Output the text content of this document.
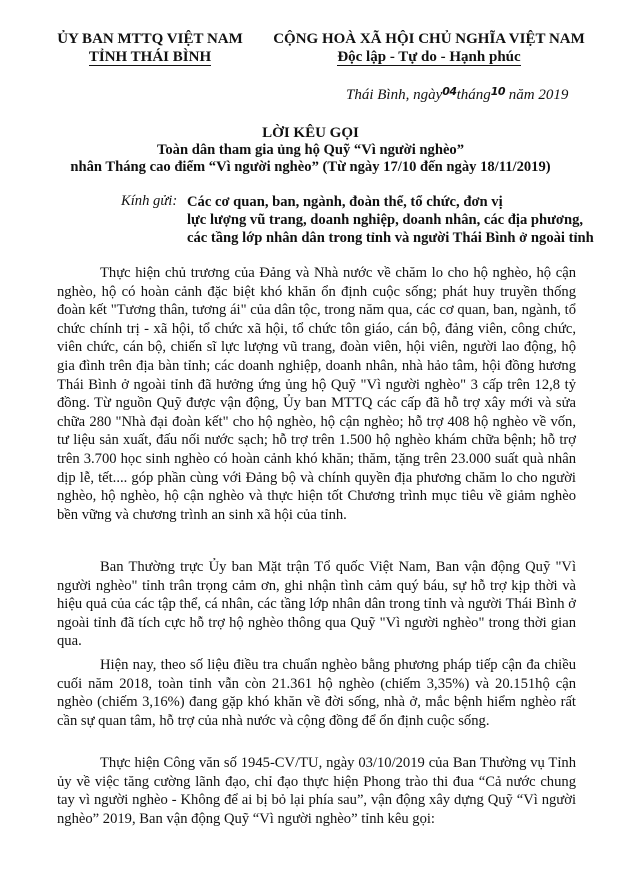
ỦY BAN MTTQ VIỆT NAM
TỈNH THÁI BÌNH
CỘNG HOÀ XÃ HỘI CHỦ NGHĨA VIỆT NAM
Độc lập - Tự do - Hạnh phúc
Thái Bình, ngày$^{04}$tháng$^{10}$ năm 2019
LỜI KÊU GỌI
Toàn dân tham gia ủng hộ Quỹ “Vì người nghèo”
nhân Tháng cao điểm “Vì người nghèo” (Từ ngày 17/10 đến ngày 18/11/2019)
Kính gửi: Các cơ quan, ban, ngành, đoàn thể, tổ chức, đơn vị
lực lượng vũ trang, doanh nghiệp, doanh nhân, các địa phương,
các tầng lớp nhân dân trong tỉnh và người Thái Bình ở ngoài tỉnh

Thực hiện chủ trương của Đảng và Nhà nước về chăm lo cho hộ nghèo, hộ cận nghèo, hộ có hoàn cảnh đặc biệt khó khăn ổn định cuộc sống; phát huy truyền thống đoàn kết "Tương thân, tương ái" của dân tộc, trong năm qua, các cơ quan, ban, ngành, tổ chức chính trị - xã hội, tổ chức xã hội, tổ chức tôn giáo, cán bộ, đảng viên, công chức, viên chức, cán bộ, chiến sĩ lực lượng vũ trang, đoàn viên, hội viên, người lao động, hộ gia đình trên địa bàn tỉnh; các doanh nghiệp, doanh nhân, nhà hảo tâm, hội đồng hương Thái Bình ở ngoài tỉnh đã hưởng ứng ủng hộ Quỹ "Vì người nghèo" 3 cấp trên 12,8 tỷ đồng. Từ nguồn Quỹ được vận động, Ủy ban MTTQ các cấp đã hỗ trợ xây mới và sửa chữa 280 "Nhà đại đoàn kết" cho hộ nghèo, hộ cận nghèo; hỗ trợ 408 hộ nghèo về vốn, tư liệu sản xuất, đấu nối nước sạch; hỗ trợ trên 1.500 hộ nghèo khám chữa bệnh; hỗ trợ trên 3.700 học sinh nghèo có hoàn cảnh khó khăn; thăm, tặng trên 23.000 suất quà nhân dịp lễ, tết.... góp phần cùng với Đảng bộ và chính quyền địa phương chăm lo cho người nghèo, hộ nghèo, hộ cận nghèo và thực hiện tốt Chương trình mục tiêu về giảm nghèo bền vững và chương trình an sinh xã hội của tỉnh.

Ban Thường trực Ủy ban Mặt trận Tổ quốc Việt Nam, Ban vận động Quỹ "Vì người nghèo" tỉnh trân trọng cảm ơn, ghi nhận tình cảm quý báu, sự hỗ trợ kịp thời và hiệu quả của các tập thể, cá nhân, các tầng lớp nhân dân trong tỉnh và người Thái Bình ở ngoài tỉnh đã tích cực hỗ trợ hộ nghèo thông qua Quỹ "Vì người nghèo" trong thời gian qua.

Hiện nay, theo số liệu điều tra chuẩn nghèo bằng phương pháp tiếp cận đa chiều cuối năm 2018, toàn tỉnh vẫn còn 21.361 hộ nghèo (chiếm 3,35%) và 20.151hộ cận nghèo (chiếm 3,16%) đang gặp khó khăn về đời sống, nhà ở, mắc bệnh hiểm nghèo rất cần sự quan tâm, hỗ trợ của nhà nước và cộng đồng để ổn định cuộc sống.

Thực hiện Công văn số 1945-CV/TU, ngày 03/10/2019 của Ban Thường vụ Tỉnh ủy về việc tăng cường lãnh đạo, chỉ đạo thực hiện Phong trào thi đua “Cả nước chung tay vì người nghèo - Không để ai bị bỏ lại phía sau”, vận động xây dựng Quỹ “Vì người nghèo” 2019, Ban vận động Quỹ “Vì người nghèo” tỉnh kêu gọi:
